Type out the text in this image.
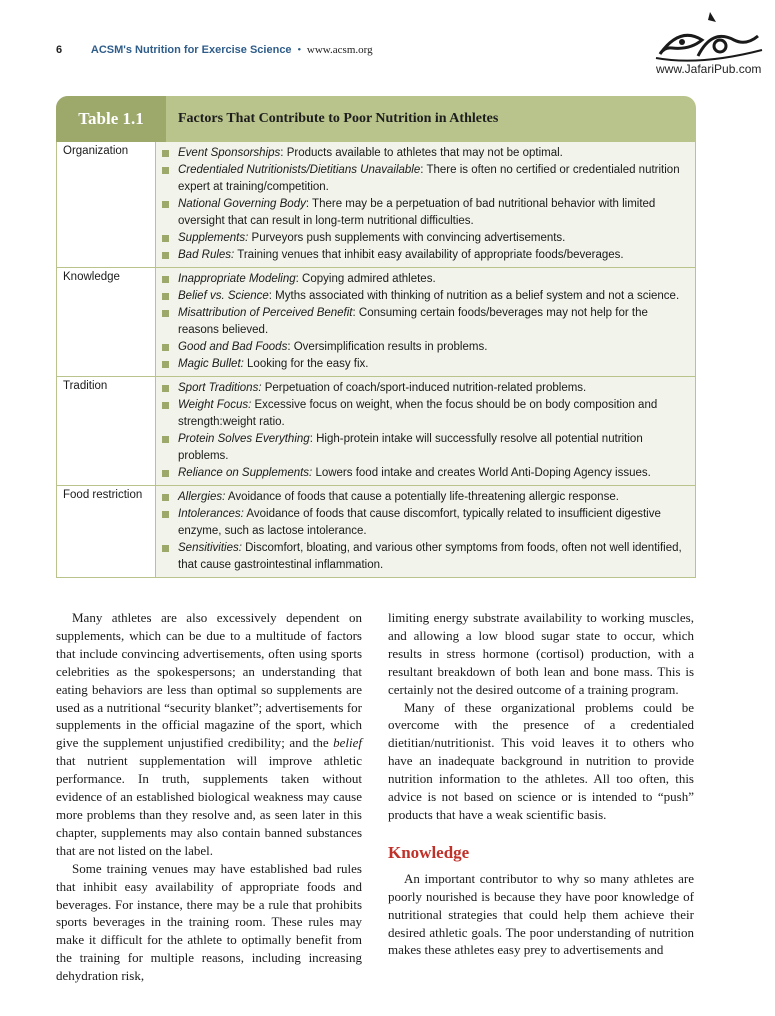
6	ACSM's Nutrition for Exercise Science • www.acsm.org
www.JafariPub.com
Table 1.1	Factors That Contribute to Poor Nutrition in Athletes
Organization	Event Sponsorships: Products available to athletes that may not be optimal.
Credentialed Nutritionists/Dietitians Unavailable: There is often no certified or credentialed nutrition expert at training/competition.
National Governing Body: There may be a perpetuation of bad nutritional behavior with limited oversight that can result in long-term nutritional difficulties.
Supplements: Purveyors push supplements with convincing advertisements.
Bad Rules: Training venues that inhibit easy availability of appropriate foods/beverages.
Knowledge	Inappropriate Modeling: Copying admired athletes.
Belief vs. Science: Myths associated with thinking of nutrition as a belief system and not a science.
Misattribution of Perceived Benefit: Consuming certain foods/beverages may not help for the reasons believed.
Good and Bad Foods: Oversimplification results in problems.
Magic Bullet: Looking for the easy fix.
Tradition	Sport Traditions: Perpetuation of coach/sport-induced nutrition-related problems.
Weight Focus: Excessive focus on weight, when the focus should be on body composition and strength:weight ratio.
Protein Solves Everything: High-protein intake will successfully resolve all potential nutrition problems.
Reliance on Supplements: Lowers food intake and creates World Anti-Doping Agency issues.
Food restriction	Allergies: Avoidance of foods that cause a potentially life-threatening allergic response.
Intolerances: Avoidance of foods that cause discomfort, typically related to insufficient digestive enzyme, such as lactose intolerance.
Sensitivities: Discomfort, bloating, and various other symptoms from foods, often not well identified, that cause gastrointestinal inflammation.

Many athletes are also excessively dependent on supplements, which can be due to a multitude of factors that include convincing advertisements, often using sports celebrities as the spokespersons; an understanding that eating behaviors are less than optimal so supplements are used as a nutritional “security blanket”; advertisements for supplements in the official magazine of the sport, which give the supplement unjustified credibility; and the belief that nutrient supplementation will improve athletic performance. In truth, supplements taken without evidence of an established biological weakness may cause more problems than they resolve and, as seen later in this chapter, supplements may also contain banned substances that are not listed on the label.

Some training venues may have established bad rules that inhibit easy availability of appropriate foods and beverages. For instance, there may be a rule that prohibits sports beverages in the training room. These rules may make it difficult for the athlete to optimally benefit from the training for multiple reasons, including increasing dehydration risk,

limiting energy substrate availability to working muscles, and allowing a low blood sugar state to occur, which results in stress hormone (cortisol) production, with a resultant breakdown of both lean and bone mass. This is certainly not the desired outcome of a training program.

Many of these organizational problems could be overcome with the presence of a credentialed dietitian/nutritionist. This void leaves it to others who have an inadequate background in nutrition to provide nutrition information to the athletes. All too often, this advice is not based on science or is intended to “push” products that have a weak scientific basis.

Knowledge

An important contributor to why so many athletes are poorly nourished is because they have poor knowledge of nutritional strategies that could help them achieve their desired athletic goals. The poor understanding of nutrition makes these athletes easy prey to advertisements and
